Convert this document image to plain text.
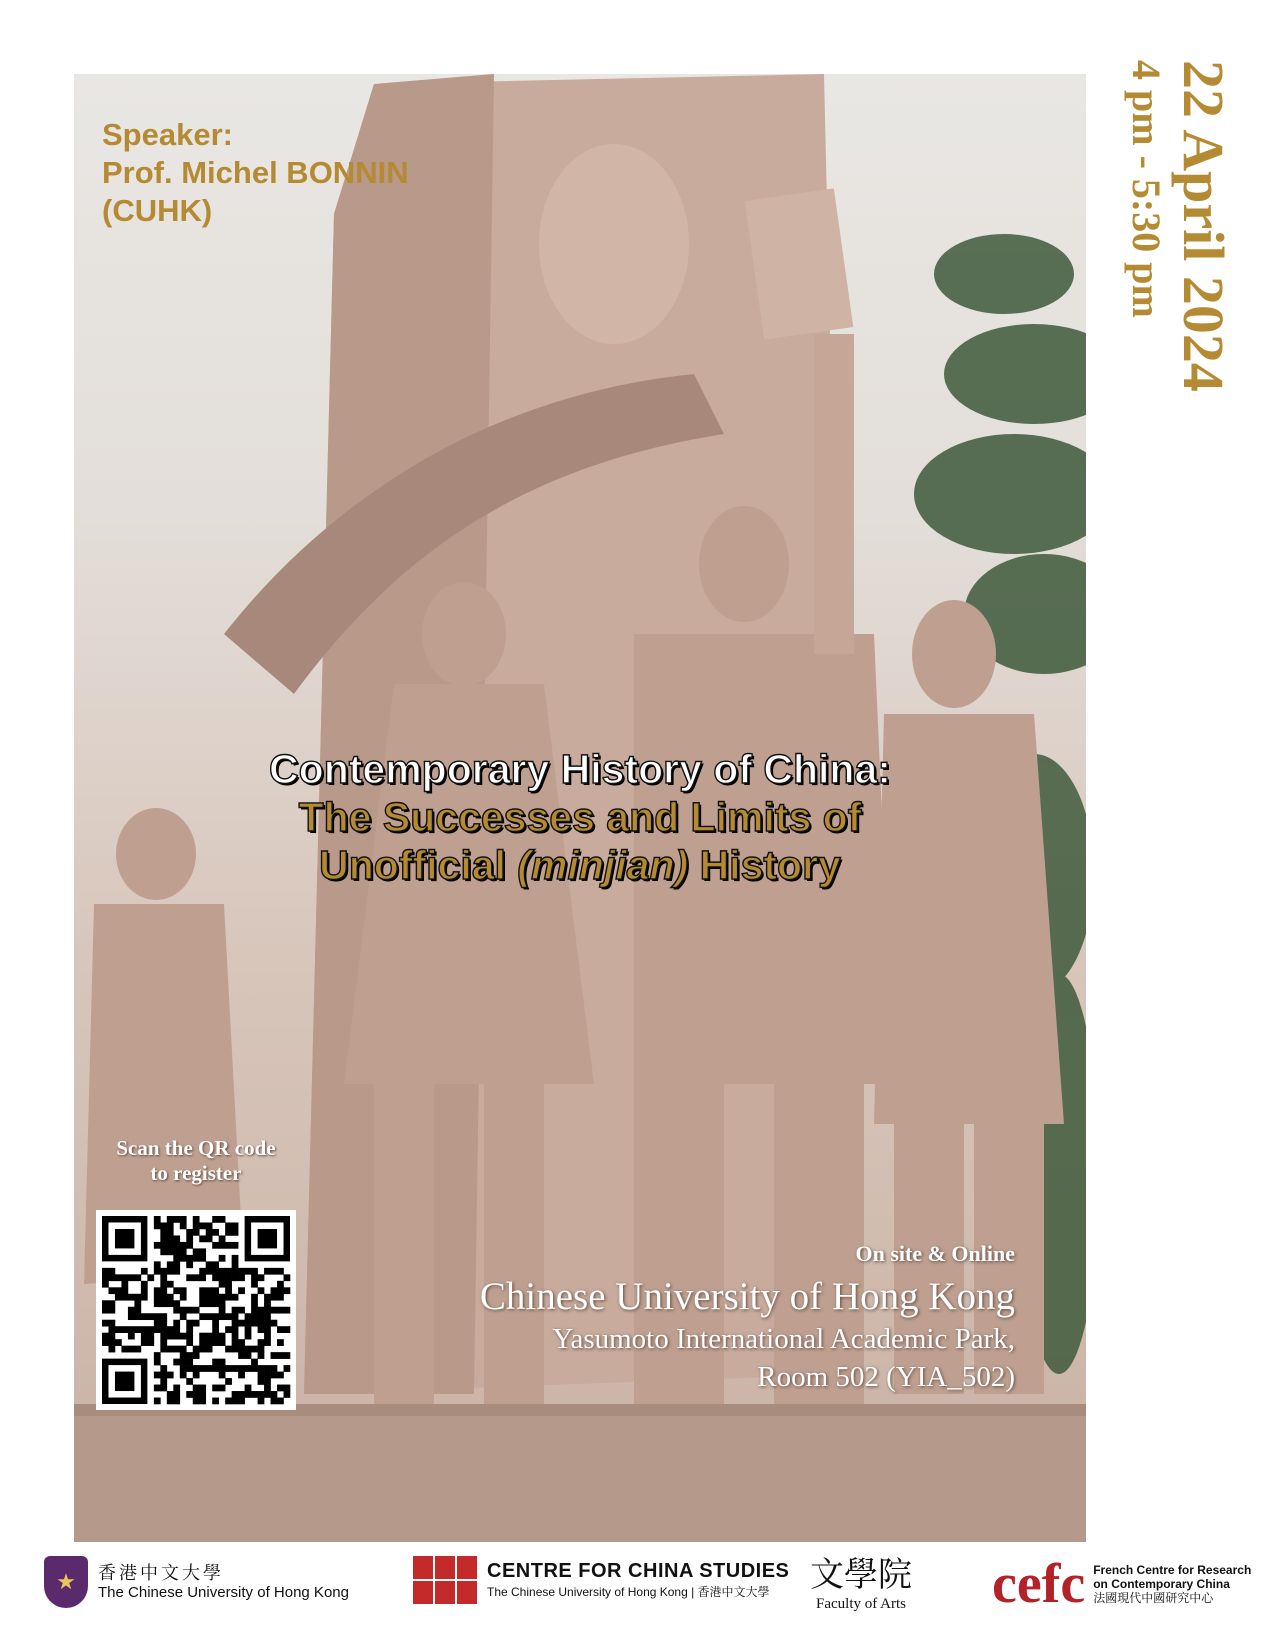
Speaker:
Prof. Michel BONNIN
(CUHK)	22 April 2024
4 pm - 5:30 pm
Contemporary History of China:
The Successes and Limits of
Unofficial (minjian) History
Scan the QR code
to register
On site & Online
Chinese University of Hong Kong
Yasumoto International Academic Park,
Room 502 (YIA_502)
★	香港中文大學
The Chinese University of Hong Kong
CENTRE FOR CHINA STUDIES
The Chinese University of Hong Kong | 香港中文大學	文學院
Faculty of Arts cefc French Centre for Research
on Contemporary China
法國現代中國研究中心
